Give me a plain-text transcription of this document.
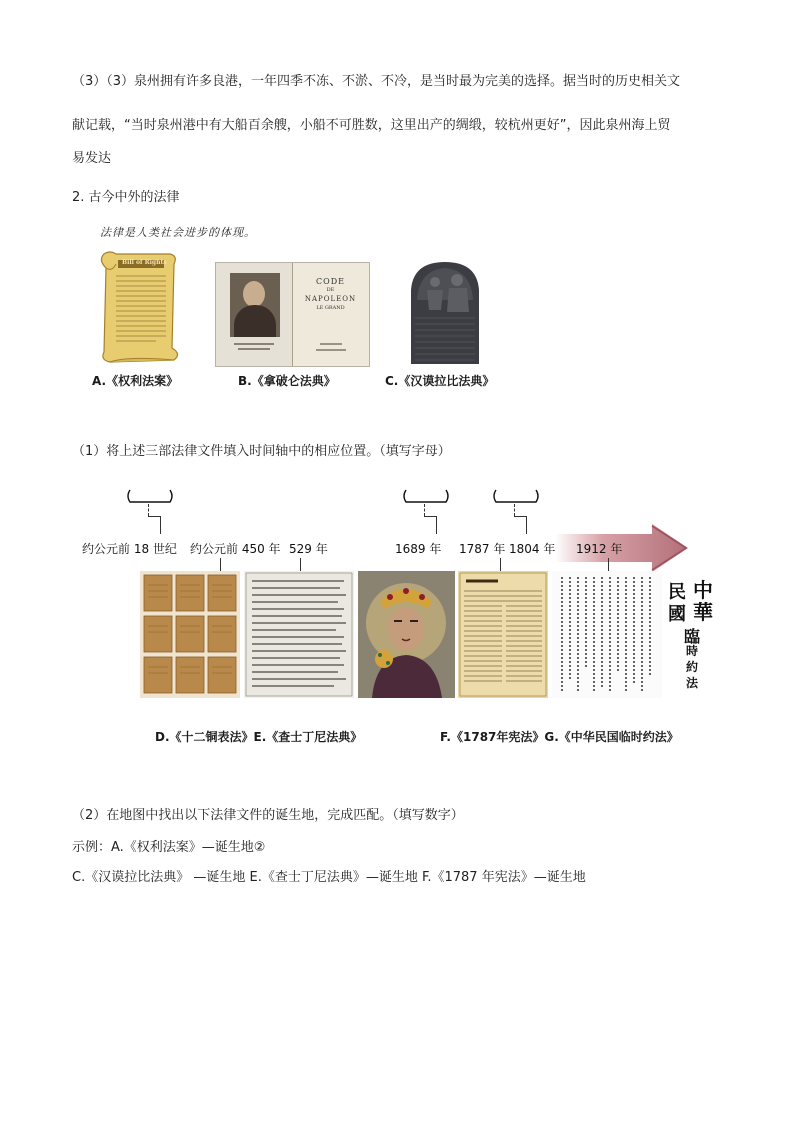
（3）（3）泉州拥有许多良港，一年四季不冻、不淤、不冷，是当时最为完美的选择。据当时的历史相关文
献记载，“当时泉州港中有大船百余艘，小船不可胜数，这里出产的绸缎，较杭州更好”，因此泉州海上贸
易发达
2. 古今中外的法律
法律是人类社会进步的体现。
Bill of Rights
A.《权利法案》
CODE
DE
NAPOLEON
LE GRAND
B.《拿破仑法典》	C.《汉谟拉比法典》
（1）将上述三部法律文件填入时间轴中的相应位置。（填写字母）
约公元前 18 世纪 约公元前 450 年 529 年	1689 年 1787 年 1804 年 1912 年
中
華
民
國
臨
時
約
法
D.《十二铜表法》E.《查士丁尼法典》	F.《1787年宪法》G.《中华民国临时约法》
（2）在地图中找出以下法律文件的诞生地，完成匹配。（填写数字）
示例：A.《权利法案》—诞生地②
C.《汉谟拉比法典》 —诞生地 E.《查士丁尼法典》—诞生地 F.《1787 年宪法》—诞生地
